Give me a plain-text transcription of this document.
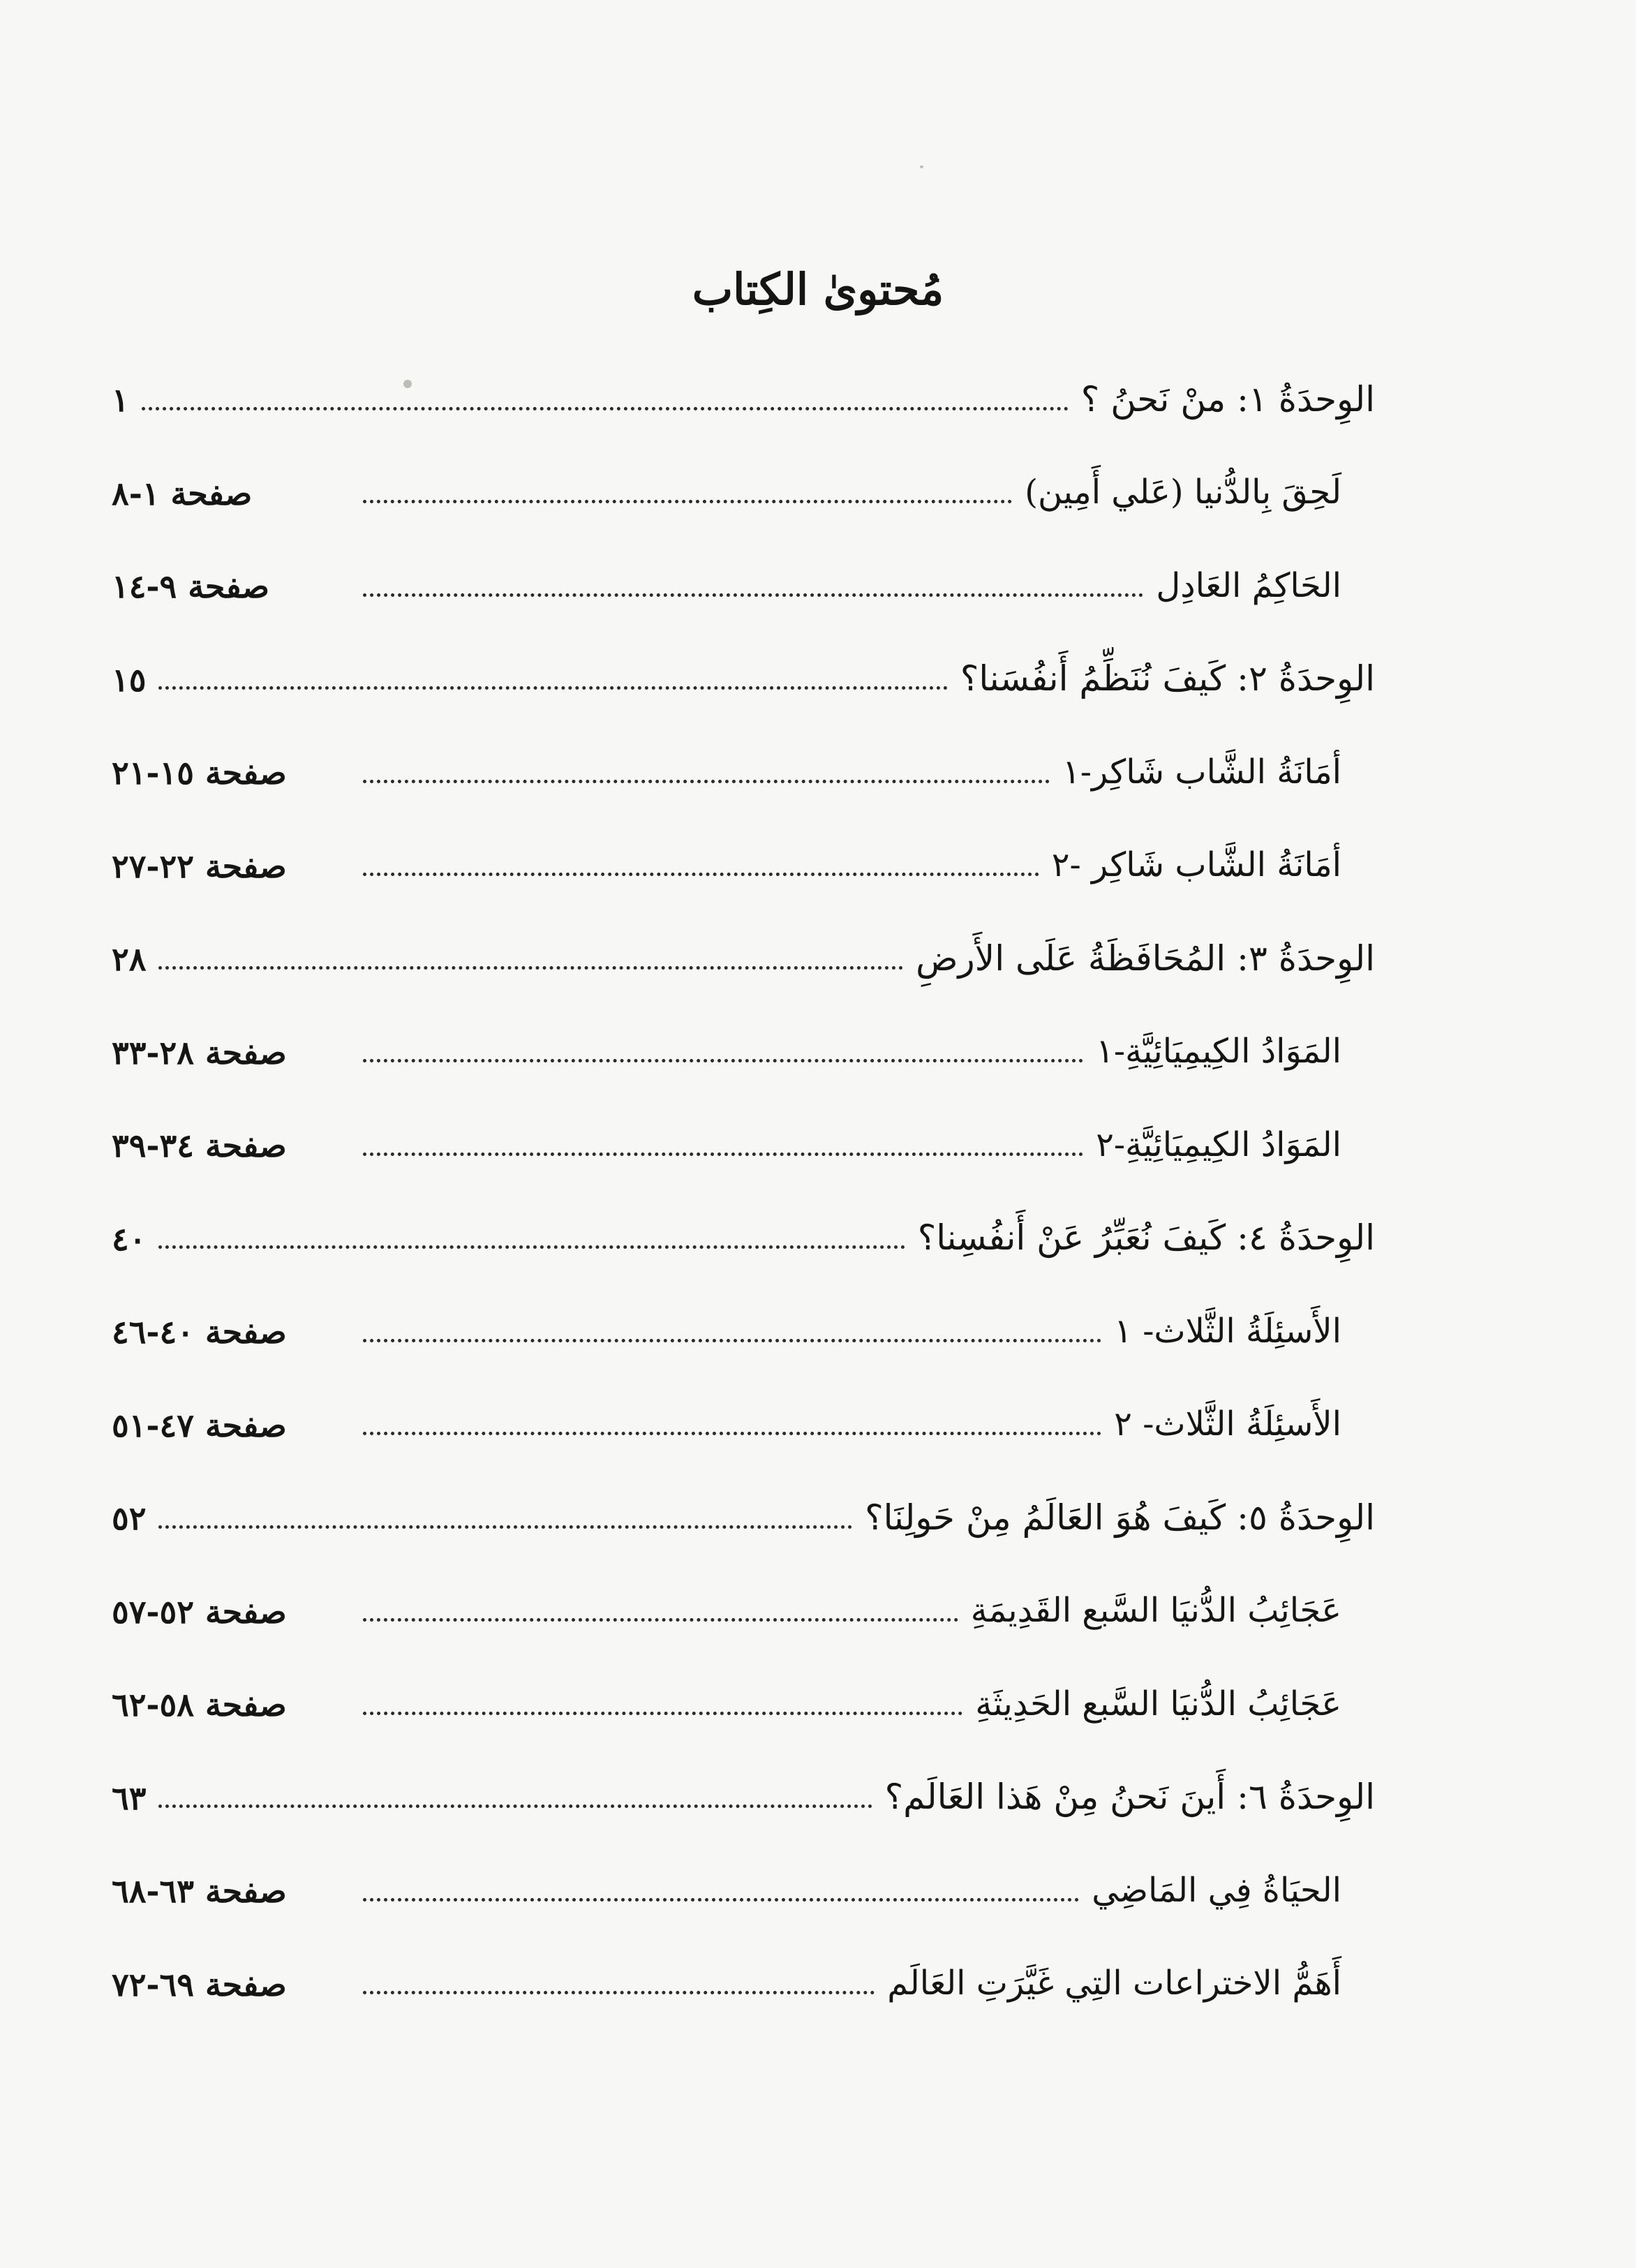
مُحتوىٰ الكِتاب
الوِحدَةُ ١: منْ نَحنُ ؟
١
لَحِقَ بِالدُّنيا (عَلي أَمِين)
صفحة ١-٨
الحَاكِمُ العَادِل
صفحة ٩-١٤
الوِحدَةُ ٢: كَيفَ نُنَظِّمُ أَنفُسَنا؟
١٥
أمَانَةُ الشَّاب شَاكِر-١
صفحة ١٥-٢١
أمَانَةُ الشَّاب شَاكِر -٢
صفحة ٢٢-٢٧
الوِحدَةُ ٣: المُحَافَظَةُ عَلَى الأَرضِ
٢٨
المَوَادُ الكِيمِيَائِيَّةِ-١
صفحة ٢٨-٣٣
المَوَادُ الكِيمِيَائِيَّةِ-٢
صفحة ٣٤-٣٩
الوِحدَةُ ٤: كَيفَ نُعَبِّرُ عَنْ أَنفُسِنا؟
٤٠
الأَسئِلَةُ الثَّلاث- ١
صفحة ٤٠-٤٦
الأَسئِلَةُ الثَّلاث- ٢
صفحة ٤٧-٥١
الوِحدَةُ ٥: كَيفَ هُوَ العَالَمُ مِنْ حَولِنَا؟
٥٢
عَجَائِبُ الدُّنيَا السَّبع القَدِيمَةِ
صفحة ٥٢-٥٧
عَجَائِبُ الدُّنيَا السَّبع الحَدِيثَةِ
صفحة ٥٨-٦٢
الوِحدَةُ ٦: أَينَ نَحنُ مِنْ هَذا العَالَم؟
٦٣
الحيَاةُ فِي المَاضِي
صفحة ٦٣-٦٨
أَهَمُّ الاختراعات التِي غَيَّرَتِ العَالَم
صفحة ٦٩-٧٢
